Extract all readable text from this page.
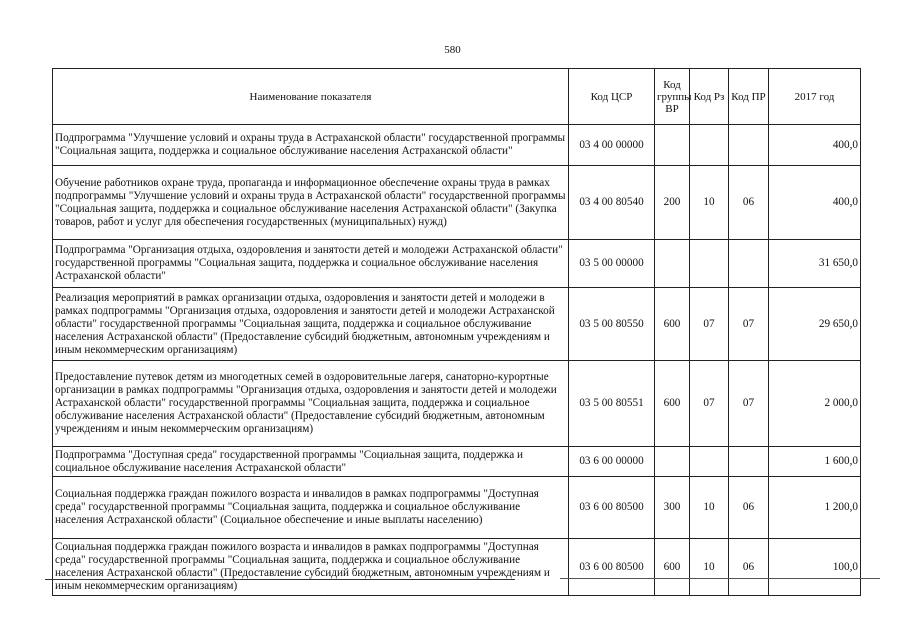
580
Наименование показателя	Код ЦСР	Код группы ВР	Код Рз	Код ПР	2017 год
Подпрограмма "Улучшение условий и охраны труда в Астраханской области" государственной программы "Социальная защита, поддержка и социальное обслуживание населения Астраханской области"	03 4 00 00000				400,0
Обучение работников охране труда, пропаганда и информационное обеспечение охраны труда в рамках подпрограммы "Улучшение условий и охраны труда в Астраханской области" государственной программы "Социальная защита, поддержка и социальное обслуживание населения Астраханской области" (Закупка товаров, работ и услуг для обеспечения государственных (муниципальных) нужд)	03 4 00 80540	200	10	06	400,0
Подпрограмма "Организация отдыха, оздоровления и занятости детей и молодежи Астраханской области" государственной программы "Социальная защита, поддержка и социальное обслуживание населения Астраханской области"	03 5 00 00000				31 650,0
Реализация мероприятий в рамках организации отдыха, оздоровления и занятости детей и молодежи в рамках подпрограммы "Организация отдыха, оздоровления и занятости детей и молодежи Астраханской области" государственной программы "Социальная защита, поддержка и социальное обслуживание населения Астраханской области" (Предоставление субсидий бюджетным, автономным учреждениям и иным некоммерческим организациям)	03 5 00 80550	600	07	07	29 650,0
Предоставление путевок детям из многодетных семей в оздоровительные лагеря, санаторно-курортные организации в рамках подпрограммы "Организация отдыха, оздоровления и занятости детей и молодежи Астраханской области" государственной программы "Социальная защита, поддержка и социальное обслуживание населения Астраханской области" (Предоставление субсидий бюджетным, автономным учреждениям и иным некоммерческим организациям)	03 5 00 80551	600	07	07	2 000,0
Подпрограмма "Доступная среда" государственной программы "Социальная защита, поддержка и социальное обслуживание населения Астраханской области"	03 6 00 00000				1 600,0
Социальная поддержка граждан пожилого возраста и инвалидов в рамках подпрограммы "Доступная среда" государственной программы "Социальная защита, поддержка и социальное обслуживание населения Астраханской области" (Социальное обеспечение и иные выплаты населению)	03 6 00 80500	300	10	06	1 200,0
Социальная поддержка граждан пожилого возраста и инвалидов в рамках подпрограммы "Доступная среда" государственной программы "Социальная защита, поддержка и социальное обслуживание населения Астраханской области" (Предоставление субсидий бюджетным, автономным учреждениям и иным некоммерческим организациям)	03 6 00 80500	600	10	06	100,0
